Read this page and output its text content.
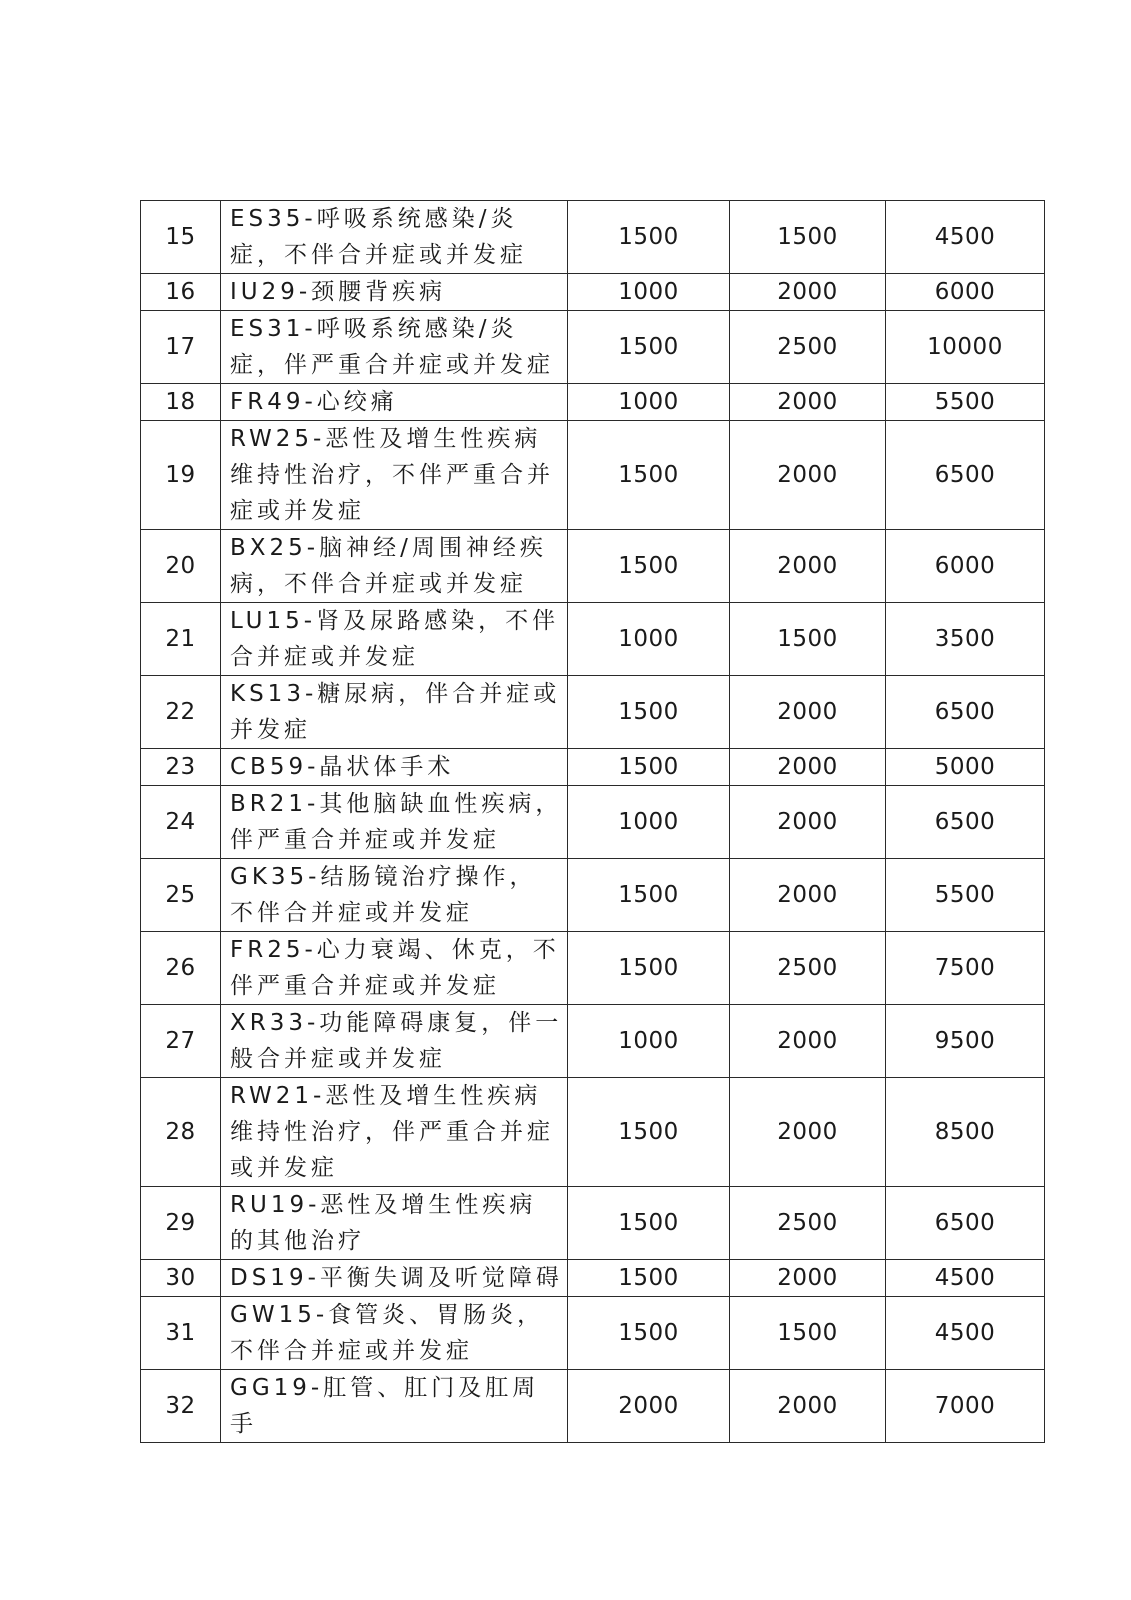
15	ES35-呼吸系统感染/炎症，不伴合并症或并发症	1500	1500	4500
16	IU29-颈腰背疾病	1000	2000	6000
17	ES31-呼吸系统感染/炎症，伴严重合并症或并发症	1500	2500	10000
18	FR49-心绞痛	1000	2000	5500
19	RW25-恶性及增生性疾病维持性治疗，不伴严重合并症或并发症	1500	2000	6500
20	BX25-脑神经/周围神经疾病，不伴合并症或并发症	1500	2000	6000
21	LU15-肾及尿路感染，不伴合并症或并发症	1000	1500	3500
22	KS13-糖尿病，伴合并症或并发症	1500	2000	6500
23	CB59-晶状体手术	1500	2000	5000
24	BR21-其他脑缺血性疾病，伴严重合并症或并发症	1000	2000	6500
25	GK35-结肠镜治疗操作，不伴合并症或并发症	1500	2000	5500
26	FR25-心力衰竭、休克，不伴严重合并症或并发症	1500	2500	7500
27	XR33-功能障碍康复，伴一般合并症或并发症	1000	2000	9500
28	RW21-恶性及增生性疾病维持性治疗，伴严重合并症或并发症	1500	2000	8500
29	RU19-恶性及增生性疾病的其他治疗	1500	2500	6500
30	DS19-平衡失调及听觉障碍	1500	2000	4500
31	GW15-食管炎、胃肠炎，不伴合并症或并发症	1500	1500	4500
32	GG19-肛管、肛门及肛周手	2000	2000	7000
